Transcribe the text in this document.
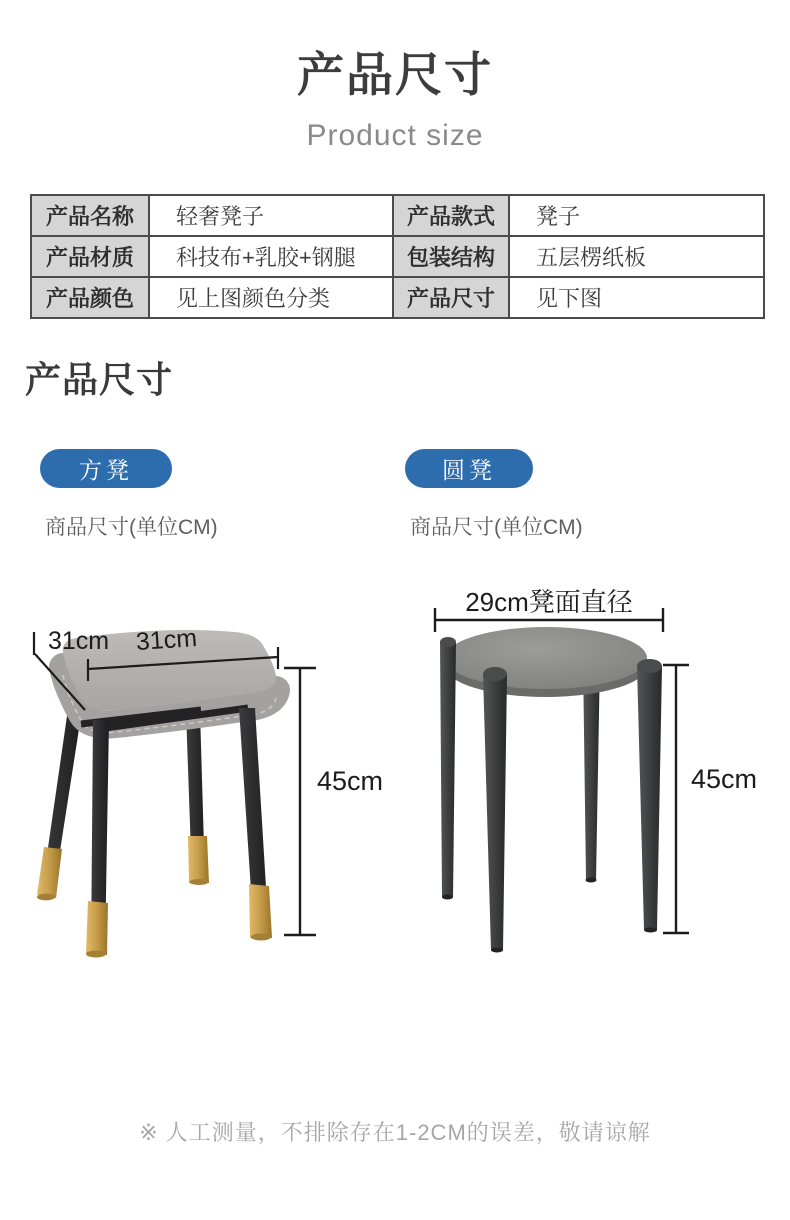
产品尺寸
Product size
产品名称	轻奢凳子	产品款式	凳子
产品材质	科技布+乳胶+钢腿	包装结构	五层楞纸板
产品颜色	见上图颜色分类	产品尺寸	见下图
产品尺寸
方凳	圆凳
商品尺寸(单位CM)	商品尺寸(单位CM)
31cm 31cm
45cm
29cm凳面直径
45cm
※ 人工测量，不排除存在1-2CM的误差，敬请谅解
